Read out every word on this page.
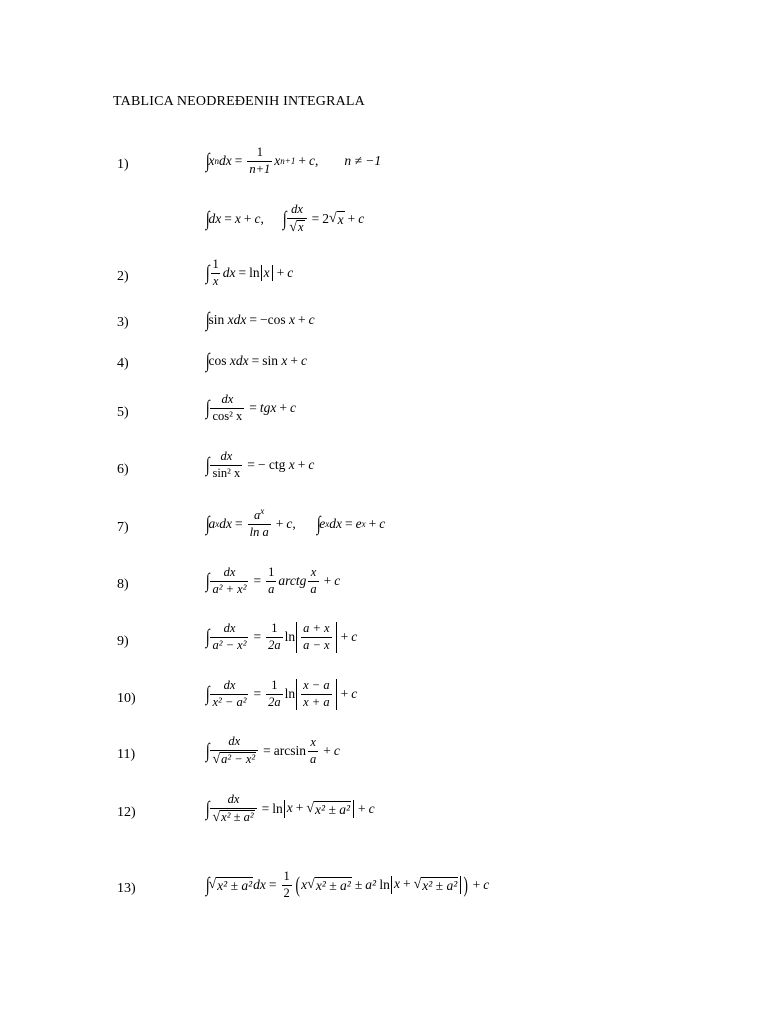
TABLICA NEODREĐENIH INTEGRALA
1)	∫
x n dx = $\frac{1}{n+1}$ x n+1 + c , n ≠ −1
∫
dx = x + c , ∫ $\frac{dx}{√ x} = 2$ √ x + c
2)	∫ 1
x
dx = ln x + c
3)	∫
sin
x dx = − cos
x + c
4)	∫
cos
x dx = sin
x + c
5)	∫ $\frac{dx}{\text{cos² x}}$ = tg x + c
6)	∫ $\frac{dx}{\text{sin² x}}$ = −
ctg
x + c
7)	∫
a x dx = $\frac{a^x}{\text{ln a}} + c$ , ∫
e x dx = e x + c
8)	∫ $\frac{dx}{\text{a² + x²}} = \frac{1}{a}$ arctg
x
a
+ c
9)	∫ $\frac{dx}{\text{a² − x²}} = \frac{1}{2a}$ $\ln \frac{a + x}{a - x} + c$
10)	∫ $\frac{dx}{\text{x² − a²}} = \frac{1}{2a}$ $\ln \frac{x - a}{x + a} + c$
11)	∫ $\frac{dx}{\text{√ a² − x²}} = \arcsin$
x
a
+ c
12)	∫ $\frac{dx}{\text{√ x² ± a²}} = \ln x$ + √ x² ± a² + c
13)	∫
√ x² ± a² dx = $\frac{1}{2}$ ( x √ x² ± a² ± a²
ln x + √ x² ± a² ) + c
